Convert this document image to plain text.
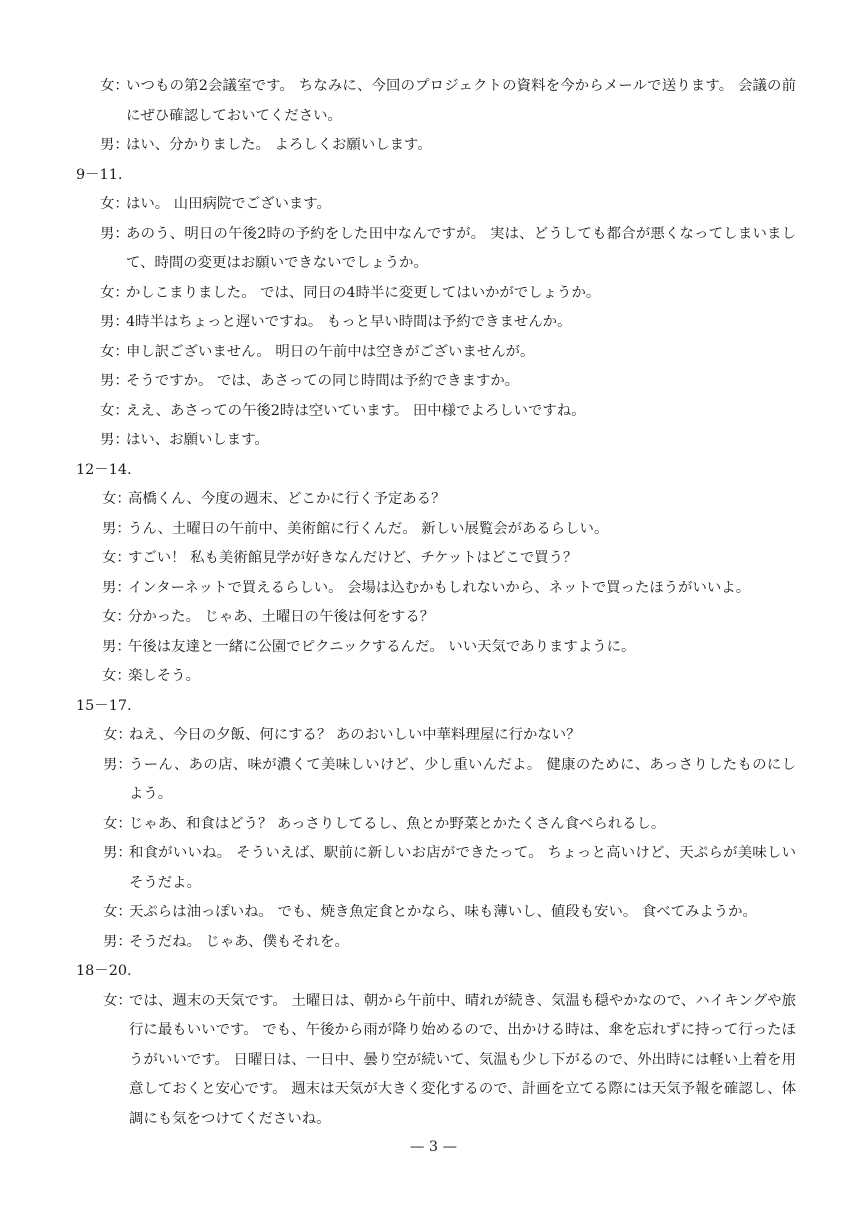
女：
いつもの第2会議室です。 ちなみに、今回のプロジェクトの資料を今からメールで送ります。 会議の前にぜひ確認しておいてください。
男：
はい、分かりました。 よろしくお願いします。
9－11.
女：
はい。 山田病院でございます。
男：
あのう、明日の午後2時の予約をした田中なんですが。 実は、どうしても都合が悪くなってしまいまして、時間の変更はお願いできないでしょうか。
女：
かしこまりました。 では、同日の4時半に変更してはいかがでしょうか。
男：
4時半はちょっと遅いですね。 もっと早い時間は予約できませんか。
女：
申し訳ございません。 明日の午前中は空きがございませんが。
男：
そうですか。 では、あさっての同じ時間は予約できますか。
女：
ええ、あさっての午後2時は空いています。 田中様でよろしいですね。
男：
はい、お願いします。
12－14.
女：
高橋くん、今度の週末、どこかに行く予定ある？
男：
うん、土曜日の午前中、美術館に行くんだ。 新しい展覧会があるらしい。
女：
すごい！ 私も美術館見学が好きなんだけど、チケットはどこで買う？
男：
インターネットで買えるらしい。 会場は込むかもしれないから、ネットで買ったほうがいいよ。
女：
分かった。 じゃあ、土曜日の午後は何をする？
男：
午後は友達と一緒に公園でピクニックするんだ。 いい天気でありますように。
女：
楽しそう。
15－17.
女：
ねえ、今日の夕飯、何にする？ あのおいしい中華料理屋に行かない？
男：
うーん、あの店、味が濃くて美味しいけど、少し重いんだよ。 健康のために、あっさりしたものにしよう。
女：
じゃあ、和食はどう？ あっさりしてるし、魚とか野菜とかたくさん食べられるし。
男：
和食がいいね。 そういえば、駅前に新しいお店ができたって。 ちょっと高いけど、天ぷらが美味しいそうだよ。
女：
天ぷらは油っぽいね。 でも、焼き魚定食とかなら、味も薄いし、値段も安い。 食べてみようか。
男：
そうだね。 じゃあ、僕もそれを。
18－20.
女：
では、週末の天気です。 土曜日は、朝から午前中、晴れが続き、気温も穏やかなので、ハイキングや旅行に最もいいです。 でも、午後から雨が降り始めるので、出かける時は、傘を忘れずに持って行ったほうがいいです。 日曜日は、一日中、曇り空が続いて、気温も少し下がるので、外出時には軽い上着を用意しておくと安心です。 週末は天気が大きく変化するので、計画を立てる際には天気予報を確認し、体調にも気をつけてくださいね。
— 3 —
